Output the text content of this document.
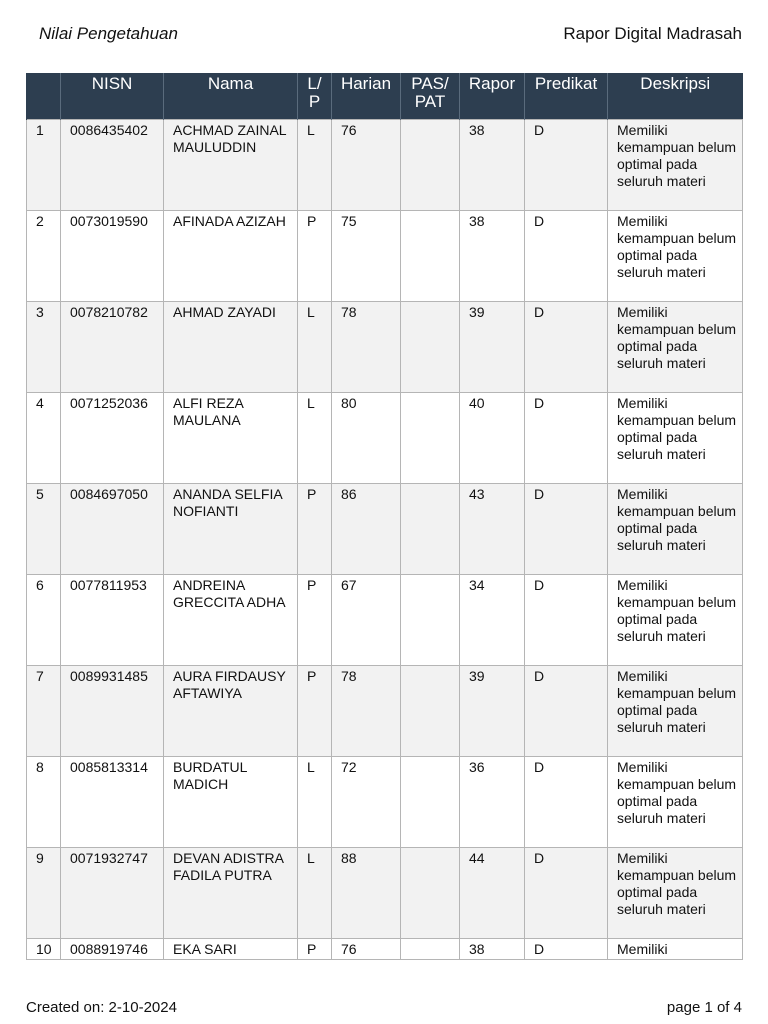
Nilai Pengetahuan	Rapor Digital Madrasah
	NISN	Nama	L/ P	Harian	PAS/ PAT	Rapor	Predikat	Deskripsi
1	0086435402	ACHMAD ZAINAL MAULUDDIN	L	76		38	D	Memiliki kemampuan belum optimal pada seluruh materi
2	0073019590	AFINADA AZIZAH	P	75		38	D	Memiliki kemampuan belum optimal pada seluruh materi
3	0078210782	AHMAD ZAYADI	L	78		39	D	Memiliki kemampuan belum optimal pada seluruh materi
4	0071252036	ALFI REZA MAULANA	L	80		40	D	Memiliki kemampuan belum optimal pada seluruh materi
5	0084697050	ANANDA SELFIA NOFIANTI	P	86		43	D	Memiliki kemampuan belum optimal pada seluruh materi
6	0077811953	ANDREINA GRECCITA ADHA	P	67		34	D	Memiliki kemampuan belum optimal pada seluruh materi
7	0089931485	AURA FIRDAUSY AFTAWIYA	P	78		39	D	Memiliki kemampuan belum optimal pada seluruh materi
8	0085813314	BURDATUL MADICH	L	72		36	D	Memiliki kemampuan belum optimal pada seluruh materi
9	0071932747	DEVAN ADISTRA FADILA PUTRA	L	88		44	D	Memiliki kemampuan belum optimal pada seluruh materi
10	0088919746	EKA SARI	P	76		38	D	Memiliki
Created on: 2-10-2024	page 1 of 4
